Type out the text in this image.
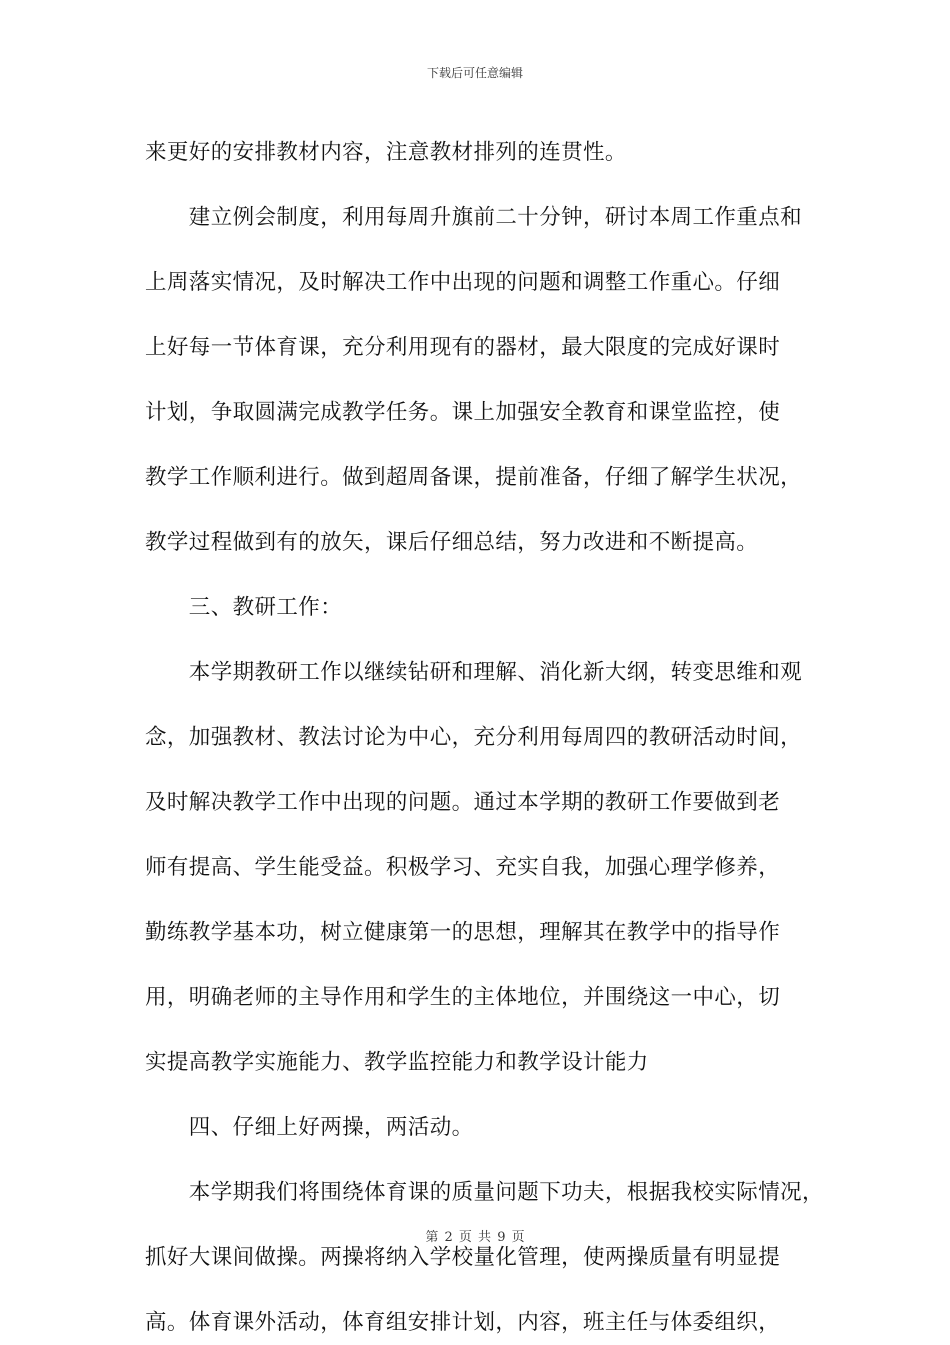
下载后可任意编辑
来更好的安排教材内容，注意教材排列的连贯性。
　　建立例会制度，利用每周升旗前二十分钟，研讨本周工作重点和
上周落实情况，及时解决工作中出现的问题和调整工作重心。仔细
上好每一节体育课，充分利用现有的器材，最大限度的完成好课时
计划，争取圆满完成教学任务。课上加强安全教育和课堂监控，使
教学工作顺利进行。做到超周备课，提前准备，仔细了解学生状况，
教学过程做到有的放矢，课后仔细总结，努力改进和不断提高。
　　三、教研工作：
　　本学期教研工作以继续钻研和理解、消化新大纲，转变思维和观
念，加强教材、教法讨论为中心，充分利用每周四的教研活动时间，
及时解决教学工作中出现的问题。通过本学期的教研工作要做到老
师有提高、学生能受益。积极学习、充实自我，加强心理学修养，
勤练教学基本功，树立健康第一的思想，理解其在教学中的指导作
用，明确老师的主导作用和学生的主体地位，并围绕这一中心，切
实提高教学实施能力、教学监控能力和教学设计能力
　　四、仔细上好两操，两活动。
　　本学期我们将围绕体育课的质量问题下功夫，根据我校实际情况，
抓好大课间做操。两操将纳入学校量化管理，使两操质量有明显提
高。体育课外活动，体育组安排计划，内容，班主任与体委组织，
第 2 页 共 9 页
